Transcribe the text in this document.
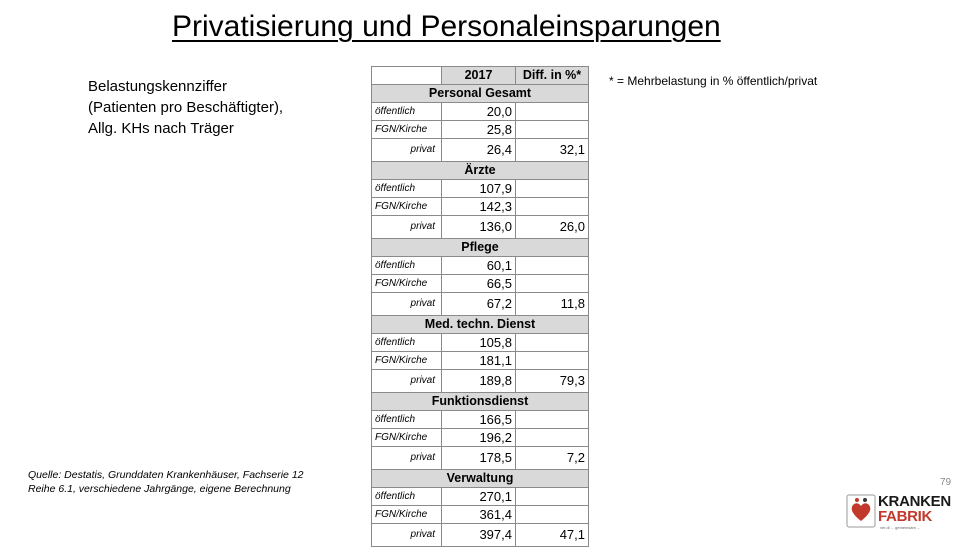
Privatisierung und Personaleinsparungen
Belastungskennziffer
(Patienten pro Beschäftigter),
Allg. KHs nach Träger
* = Mehrbelastung in % öffentlich/privat
	2017	Diff. in %*
Personal Gesamt		
öffentlich	20,0	
FGN/Kirche	25,8	
privat	26,4	32,1
Ärzte		
öffentlich	107,9	
FGN/Kirche	142,3	
privat	136,0	26,0
Pflege		
öffentlich	60,1	
FGN/Kirche	66,5	
privat	67,2	11,8
Med. techn. Dienst		
öffentlich	105,8	
FGN/Kirche	181,1	
privat	189,8	79,3
Funktionsdienst		
öffentlich	166,5	
FGN/Kirche	196,2	
privat	178,5	7,2
Verwaltung		
öffentlich	270,1	
FGN/Kirche	361,4	
privat	397,4	47,1
Quelle: Destatis, Grunddaten Krankenhäuser, Fachserie 12
Reihe 6.1, verschiedene Jahrgänge, eigene Berechnung
79
KRANKEN
FABRIK
ver.di ... gemeinsam ...
